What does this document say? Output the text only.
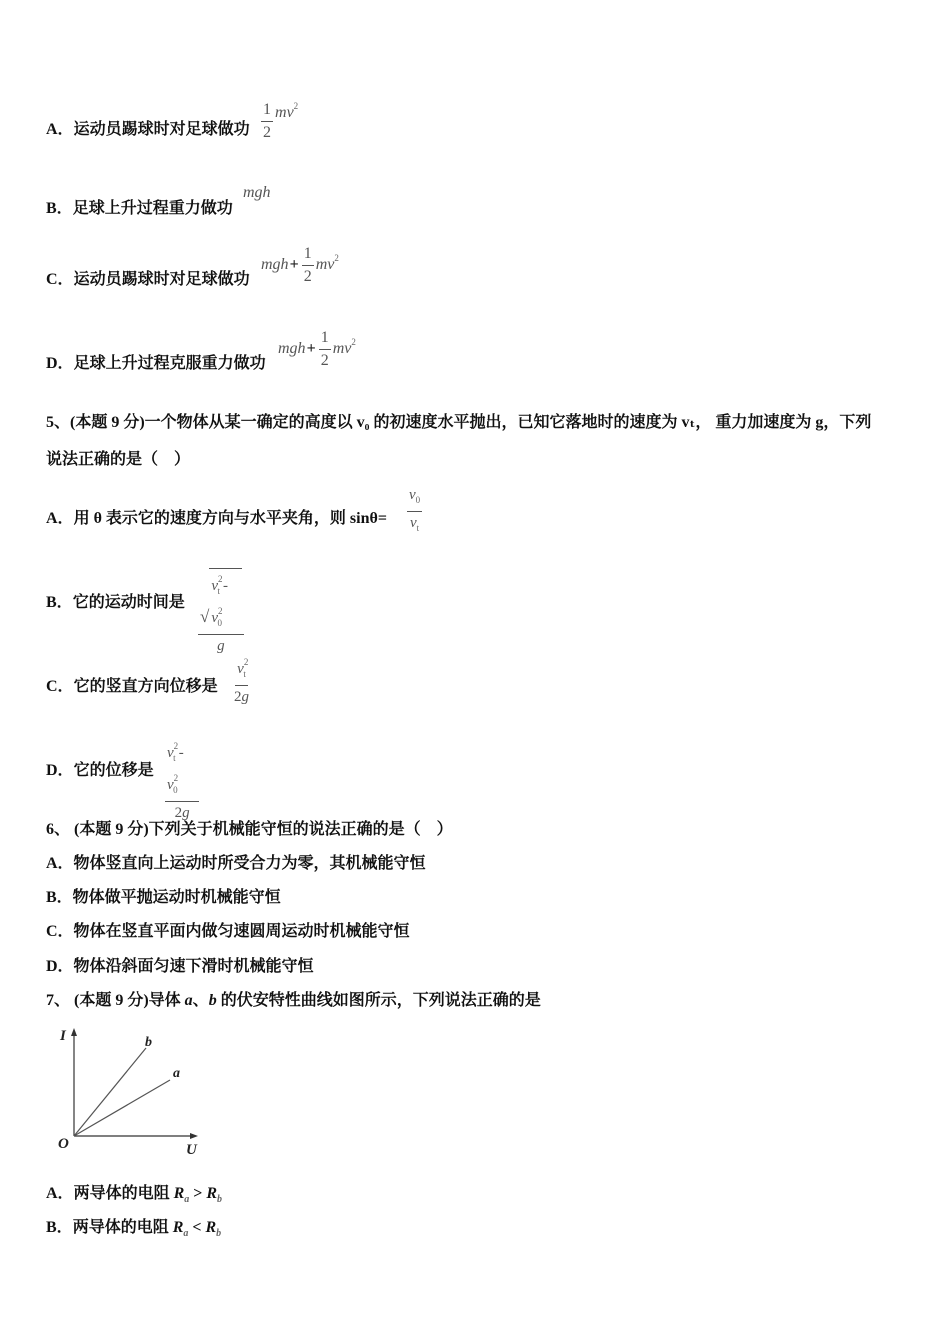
A．运动员踢球时对足球做功 $\frac{1}{2} mv^2$
B．足球上升过程重力做功
mgh
C．运动员踢球时对足球做功
$mgh+ \frac{1}{2} mv^2$
D．足球上升过程克服重力做功
$mgh+ \frac{1}{2} mv^2$
5、(本题 9 分)一个物体从某一确定的高度以 v₀ 的初速度水平抛出，已知它落地时的速度为 vₜ， 重力加速度为 g，下列
说法正确的是（　）
A．用 θ 表示它的速度方向与水平夹角，则 $\sin\theta= \frac{v_0}{v_t}$
B．它的运动时间是 $\frac{√v^2_t -v^2_0}{g}$
C．它的竖直方向位移是 $\frac{v^2_t}{2g}$
D．它的位移是 $\frac{v^2_t -v^2_0}{2g}$
6、 (本题 9 分)下列关于机械能守恒的说法正确的是（　）
A．物体竖直向上运动时所受合力为零，其机械能守恒
B．物体做平抛运动时机械能守恒
C．物体在竖直平面内做匀速圆周运动时机械能守恒
D．物体沿斜面匀速下滑时机械能守恒
7、 (本题 9 分)导体 a、b 的伏安特性曲线如图所示，下列说法正确的是
I
U
O
b
a
A．两导体的电阻 $R_a > R_b$
B．两导体的电阻 $R_a < R_b$
